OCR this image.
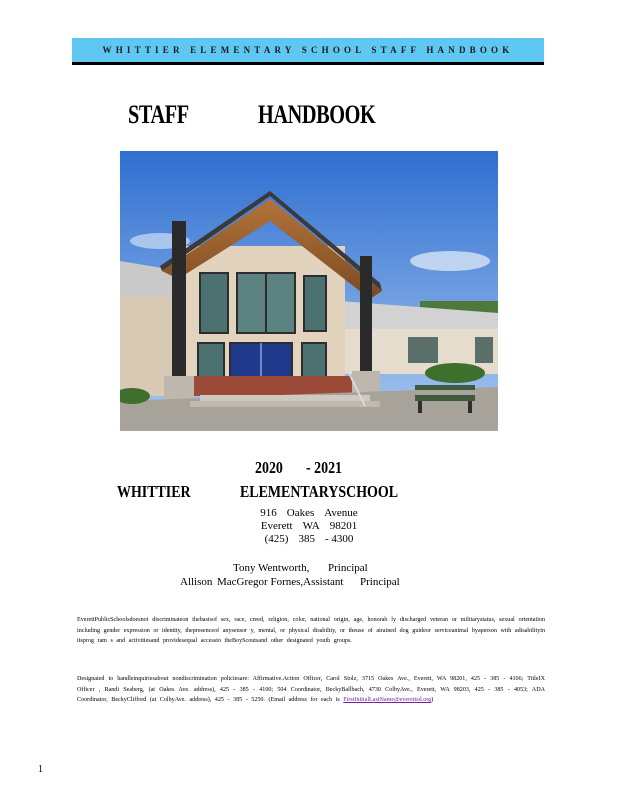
WHITTIER ELEMENTARY SCHOOL STAFF HANDBOOK
STAFF	HANDBOOK
2020 - 2021
WHITTIER	ELEMENTARYSCHOOL
916 Oakes Avenue
Everett WA 98201
(425) 385 - 4300
Tony Wentworth, Principal
Allison MacGregor Fornes,Assistant Principal
EverettPublicSchoolsdoesnot discriminateon thebasisof sex, race, creed, religion, color, national origin, age, honorab ly discharged veteran or militarystatus, sexual orientation including gender expression or identity, thepresenceof anysensor y, mental, or physical disability, or theuse of atrained dog guideor serviceanimal byaperson with adisabilityin itsprog ram s and activitiesand providesequal accessto theBoyScoutsand other designated youth groups.
Designated to handleinquiriesabout nondiscrimination policiesare: Affirmative.Action Officer, Carol Stolz, 3715 Oakes Ave., Everett, WA 98201, 425 - 385 - 4106; TitleIX Officer , Randi Seaberg, (at Oakes Ave. address), 425 - 385 - 4100; 504 Coordinator, BeckyBallbach, 4730 ColbyAve., Everett, WA 98203, 425 - 385 - 4053; ADA Coordinator, BeckyClifford (at ColbyAve. address), 425 - 385 - 5250. (Email address for each is FirstInitialLastName@everettsd.org)
1
